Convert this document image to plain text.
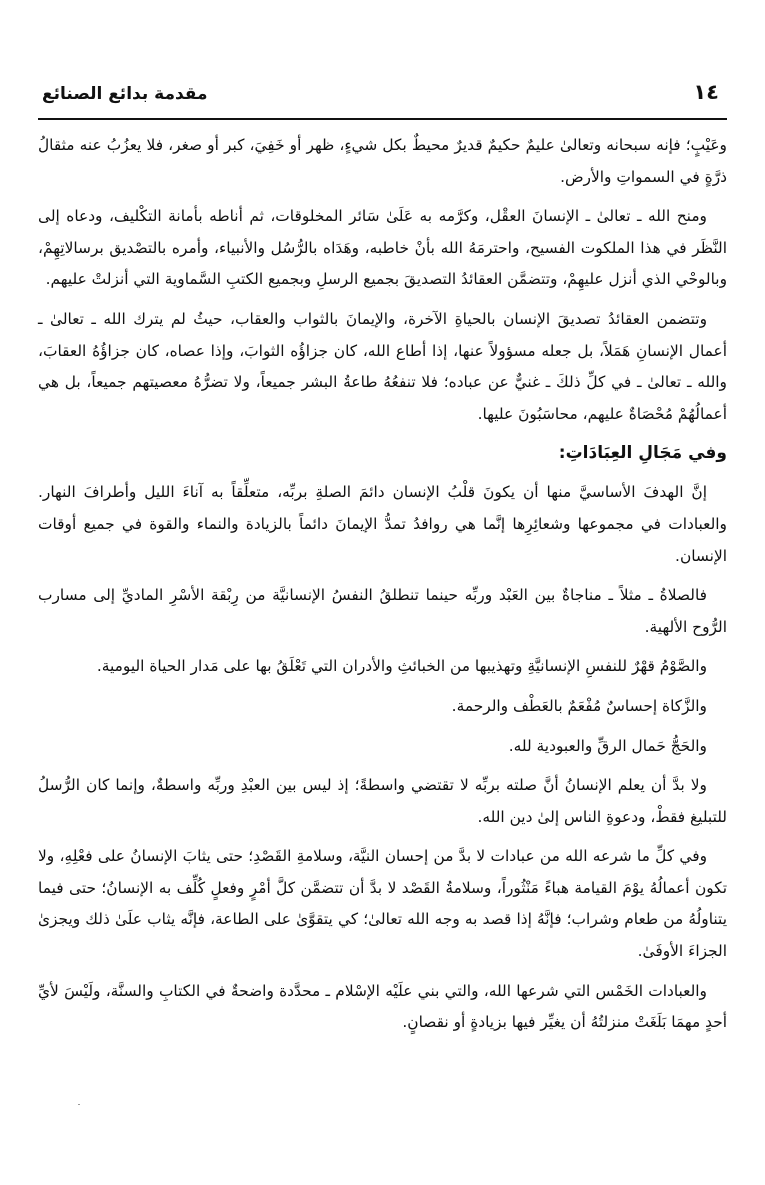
١٤
مقدمة بدائع الصنائع

وعَيْبٍ؛ فإنه سبحانه وتعالىٰ عليمٌ حكيمٌ قديرٌ محيطٌ بكل شيءٍ، ظهر أو خَفِيَ، كبر أو صغر، فلا يعزُبُ عنه مثقالُ ذرَّةٍ في السمواتِ والأرض.

ومنح الله ـ تعالىٰ ـ الإنسانَ العقْل، وكرَّمه به عَلَىٰ سَائر المخلوقات، ثم أناطه بأمانة التكْليف، ودعاه إلى النَّظَر في هذا الملكوت الفسيح، واحترمَهُ الله بأنْ خاطبه، وهَدَاه بالرُّسُل والأنبياء، وأمره بالتصْديق برسالاتِهِمْ، وبالوحْي الذي أنزل عليهِمْ، وتتضمَّن العقائدُ التصديقَ بجميع الرسلِ وبجميع الكتبِ السَّماوية التي أنزلتْ عليهم.

وتتضمن العقائدُ تصديقَ الإنسان بالحياةِ الآخرة، والإيمانَ بالثواب والعقاب، حيثُ لم يترك الله ـ تعالىٰ ـ أعمال الإنسانِ هَمَلاً، بل جعله مسؤولاً عنها، إذا أطاع الله، كان جزاؤُه الثوابَ، وإذا عصاه، كان جزاؤُهُ العقابَ، والله ـ تعالىٰ ـ في كلِّ ذلكَ ـ غنيٌّ عن عباده؛ فلا تنفعُهُ طاعةُ البشر جميعاً، ولا تضرُّهُ معصيتهم جميعاً، بل هي أعمالُهُمْ مُحْصَاةٌ عليهم، محاسَبُونَ عليها.

وفي مَجَالِ العِبَادَاتِ:

إنَّ الهدفَ الأساسيَّ منها أن يكونَ قلْبُ الإنسان دائمَ الصلةِ بربِّه، متعلِّقاً به آناءَ الليل وأطرافَ النهار. والعبادات في مجموعها وشعائِرِها إنَّما هي روافدُ تمدُّ الإيمانَ دائماً بالزيادة والنماء والقوة في جميع أوقات الإنسان.

فالصلاةُ ـ مثلاً ـ مناجاةٌ بين العَبْد وربِّه حينما تنطلقُ النفسُ الإنسانيَّة من رِبْقة الأسْرِ الماديِّ إلى مسارب الرُّوح الألهية.

والصَّوْمُ قهْرٌ للنفسِ الإنسانيَّةِ وتهذيبها من الخبائثِ والأدران التي تَعْلَقُ بها على مَدار الحياة اليومية.

والزَّكاة إحساسٌ مُفْعَمٌ بالعَطْف والرحمة.

والحَجُّ حَمال الرقِّ والعبودية لله.

ولا بدَّ أن يعلم الإنسانُ أنَّ صلته بربِّه لا تقتضي واسطةً؛ إذ ليس بين العبْدِ وربِّه واسطةٌ، وإنما كان الرُّسلُ للتبليغ فقطْ، ودعوةِ الناس إلىٰ دين الله.

وفي كلِّ ما شرعه الله من عبادات لا بدَّ من إحسان النيَّة، وسلامةِ القَصْدِ؛ حتى يثابَ الإنسانُ على فعْلِهِ، ولا تكون أعمالُهُ يوْمَ القيامة هباءً مَنْثُوراً، وسلامةُ القَصْد لا بدَّ أن تتضمَّن كلَّ أمْرٍ وفعلٍ كُلِّف به الإنسانُ؛ حتى فيما يتناولُهُ من طعام وشراب؛ فإنَّهُ إذا قصد به وجه الله تعالىٰ؛ كي يتقوَّىٰ على الطاعة، فإنَّه يثاب علَىٰ ذلك ويجزىٰ الجزاءَ الأوفَىٰ.

والعبادات الخَمْس التي شرعها الله، والتي بني علَيْه الإسْلام ـ محدَّدة واضحةٌ في الكتابِ والسنَّة، ولَيْسَ لأيِّ أحدٍ مهمَا بَلَغَتْ منزلتُهُ أن يغيِّر فيها بزيادةٍ أو نقصانٍ.
